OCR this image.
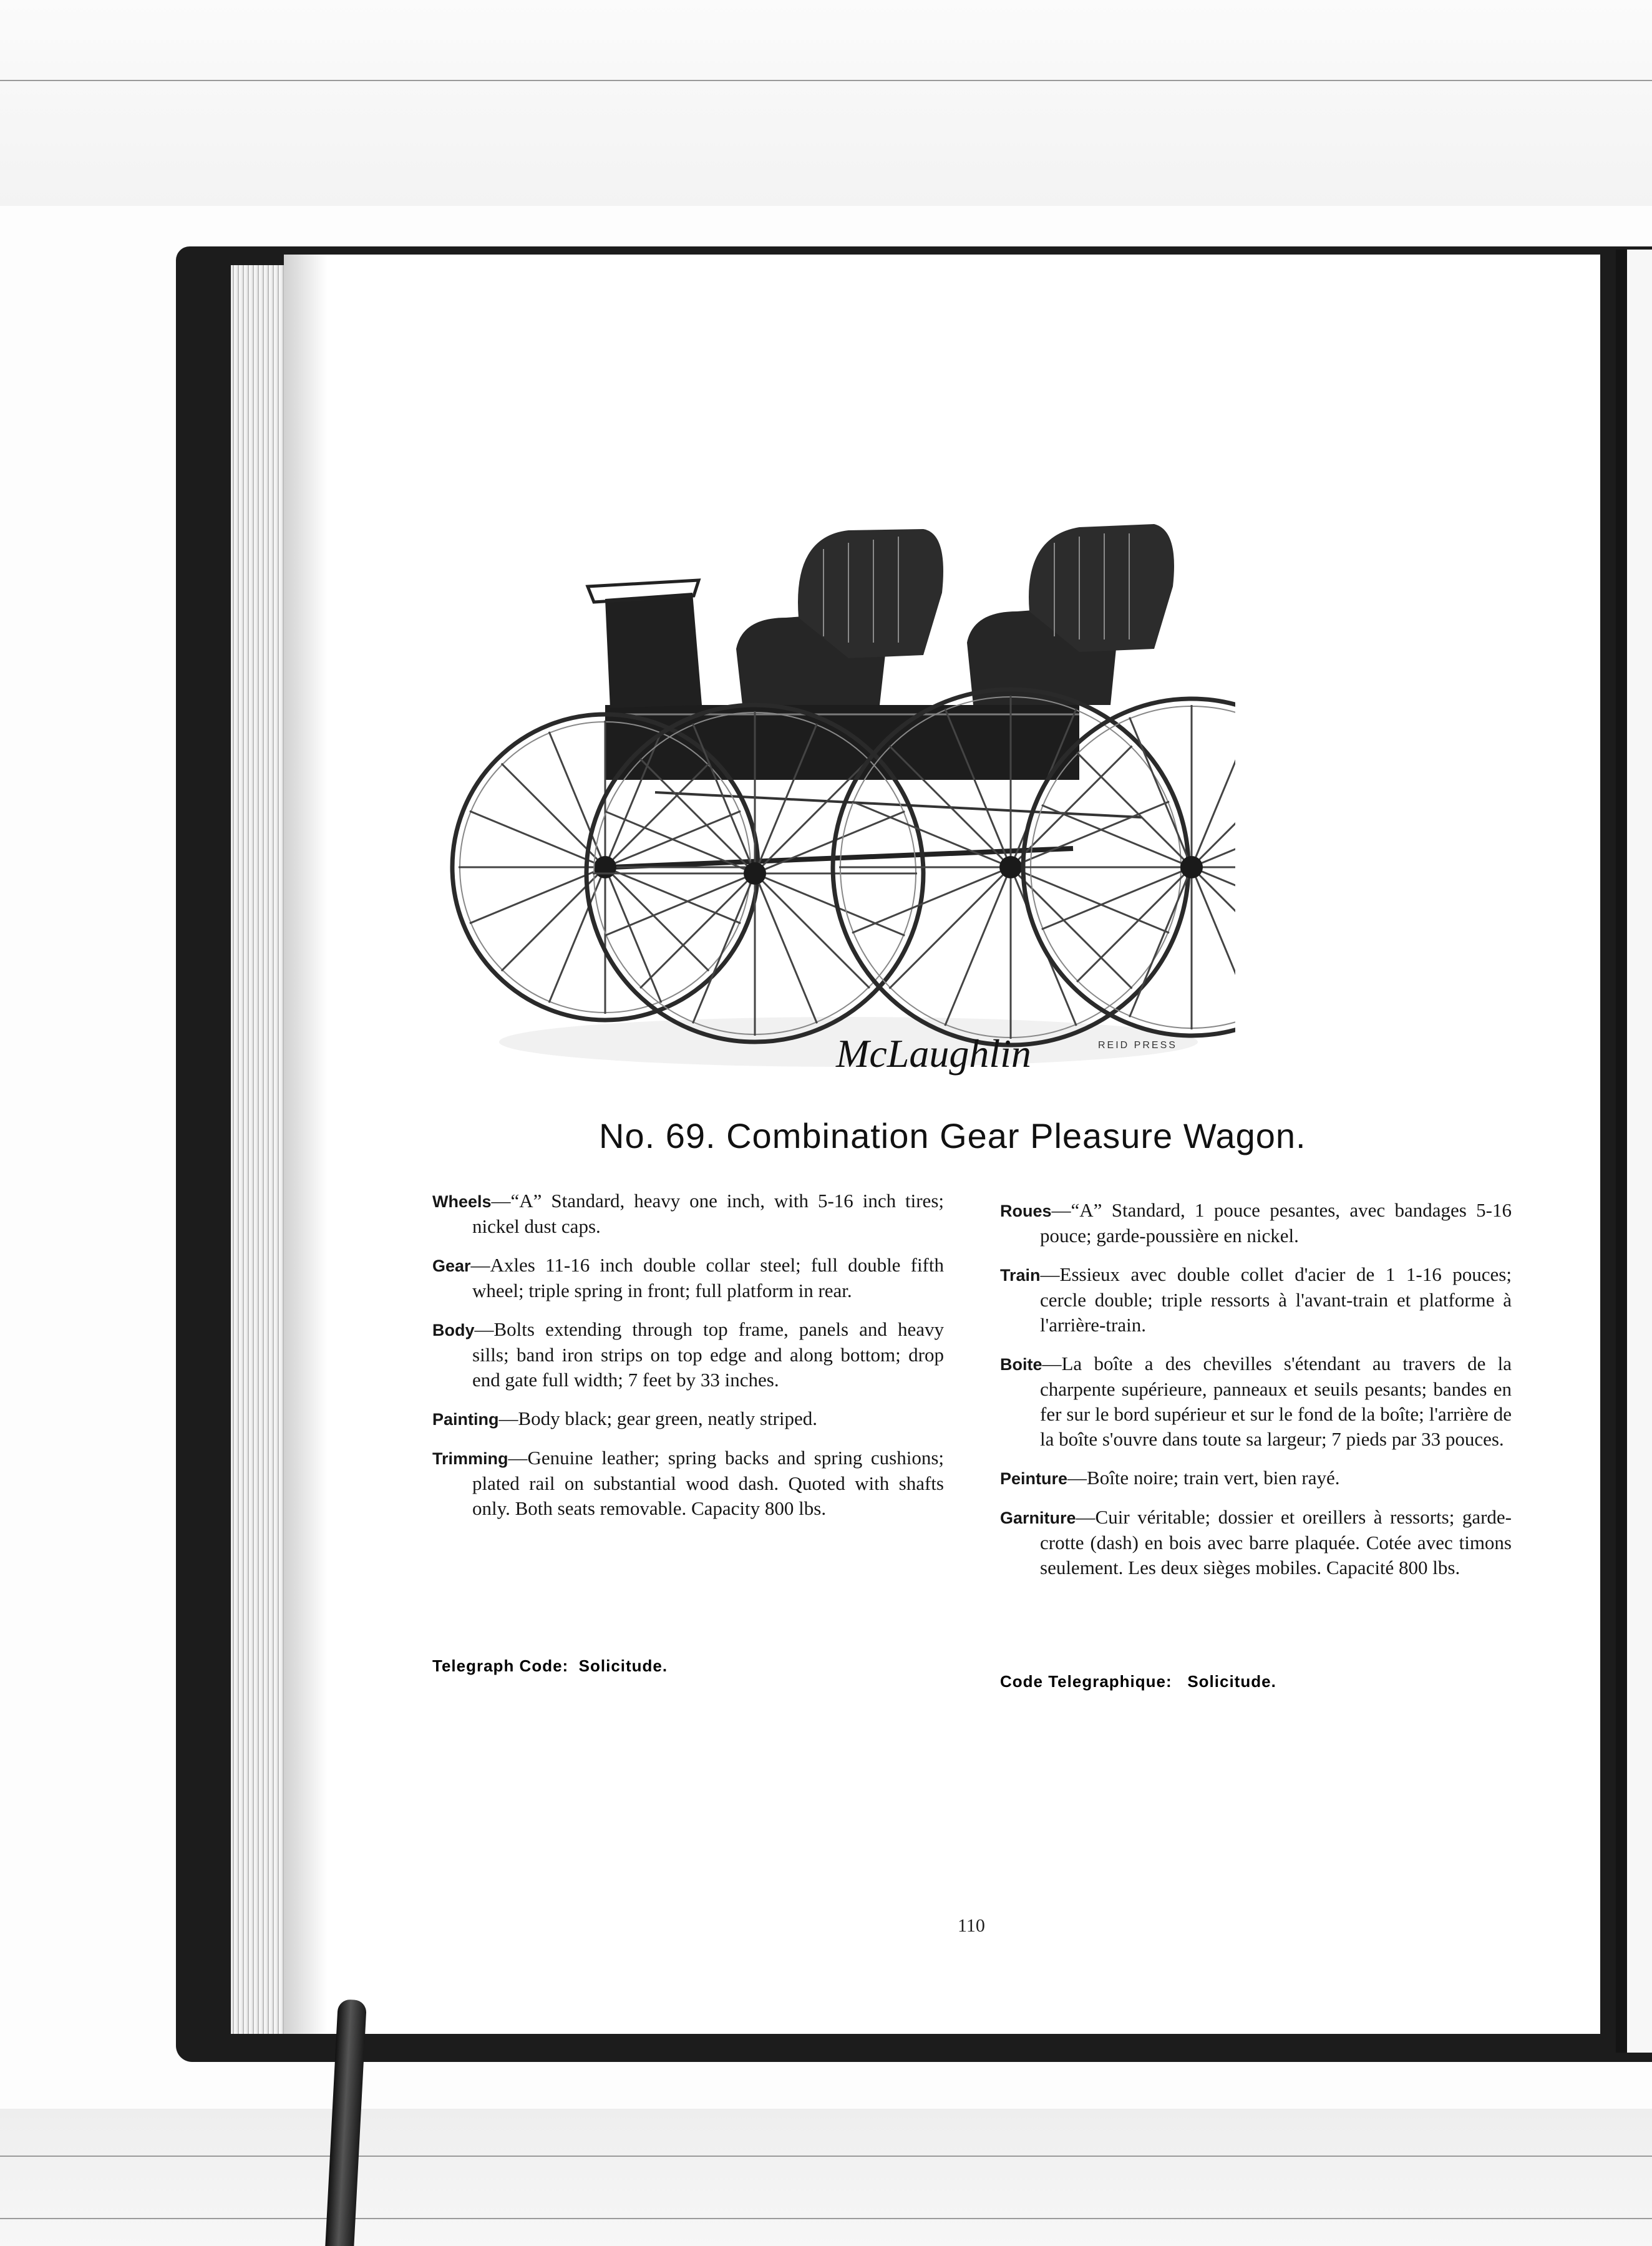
McLaughlin	REID PRESS
No. 69. Combination Gear Pleasure Wagon.

Wheels—“A” Standard, heavy one inch, with 5-16 inch tires; nickel dust caps.

Gear—Axles 11-16 inch double collar steel; full double fifth wheel; triple spring in front; full platform in rear.

Body—Bolts extending through top frame, panels and heavy sills; band iron strips on top edge and along bottom; drop end gate full width; 7 feet by 33 inches.

Painting—Body black; gear green, neatly striped.

Trimming—Genuine leather; spring backs and spring cushions; plated rail on substantial wood dash. Quoted with shafts only. Both seats removable. Capacity 800 lbs.

Telegraph Code: Solicitude.

Roues—“A” Standard, 1 pouce pesantes, avec bandages 5-16 pouce; garde-poussière en nickel.

Train—Essieux avec double collet d'acier de 1 1-16 pouces; cercle double; triple ressorts à l'avant-train et platforme à l'arrière-train.

Boite—La boîte a des chevilles s'étendant au travers de la charpente supérieure, panneaux et seuils pesants; bandes en fer sur le bord supérieur et sur le fond de la boîte; l'arrière de la boîte s'ouvre dans toute sa largeur; 7 pieds par 33 pouces.

Peinture—Boîte noire; train vert, bien rayé.

Garniture—Cuir véritable; dossier et oreillers à ressorts; garde-crotte (dash) en bois avec barre plaquée. Cotée avec timons seulement. Les deux sièges mobiles. Capacité 800 lbs.

Code Telegraphique: Solicitude.

110
